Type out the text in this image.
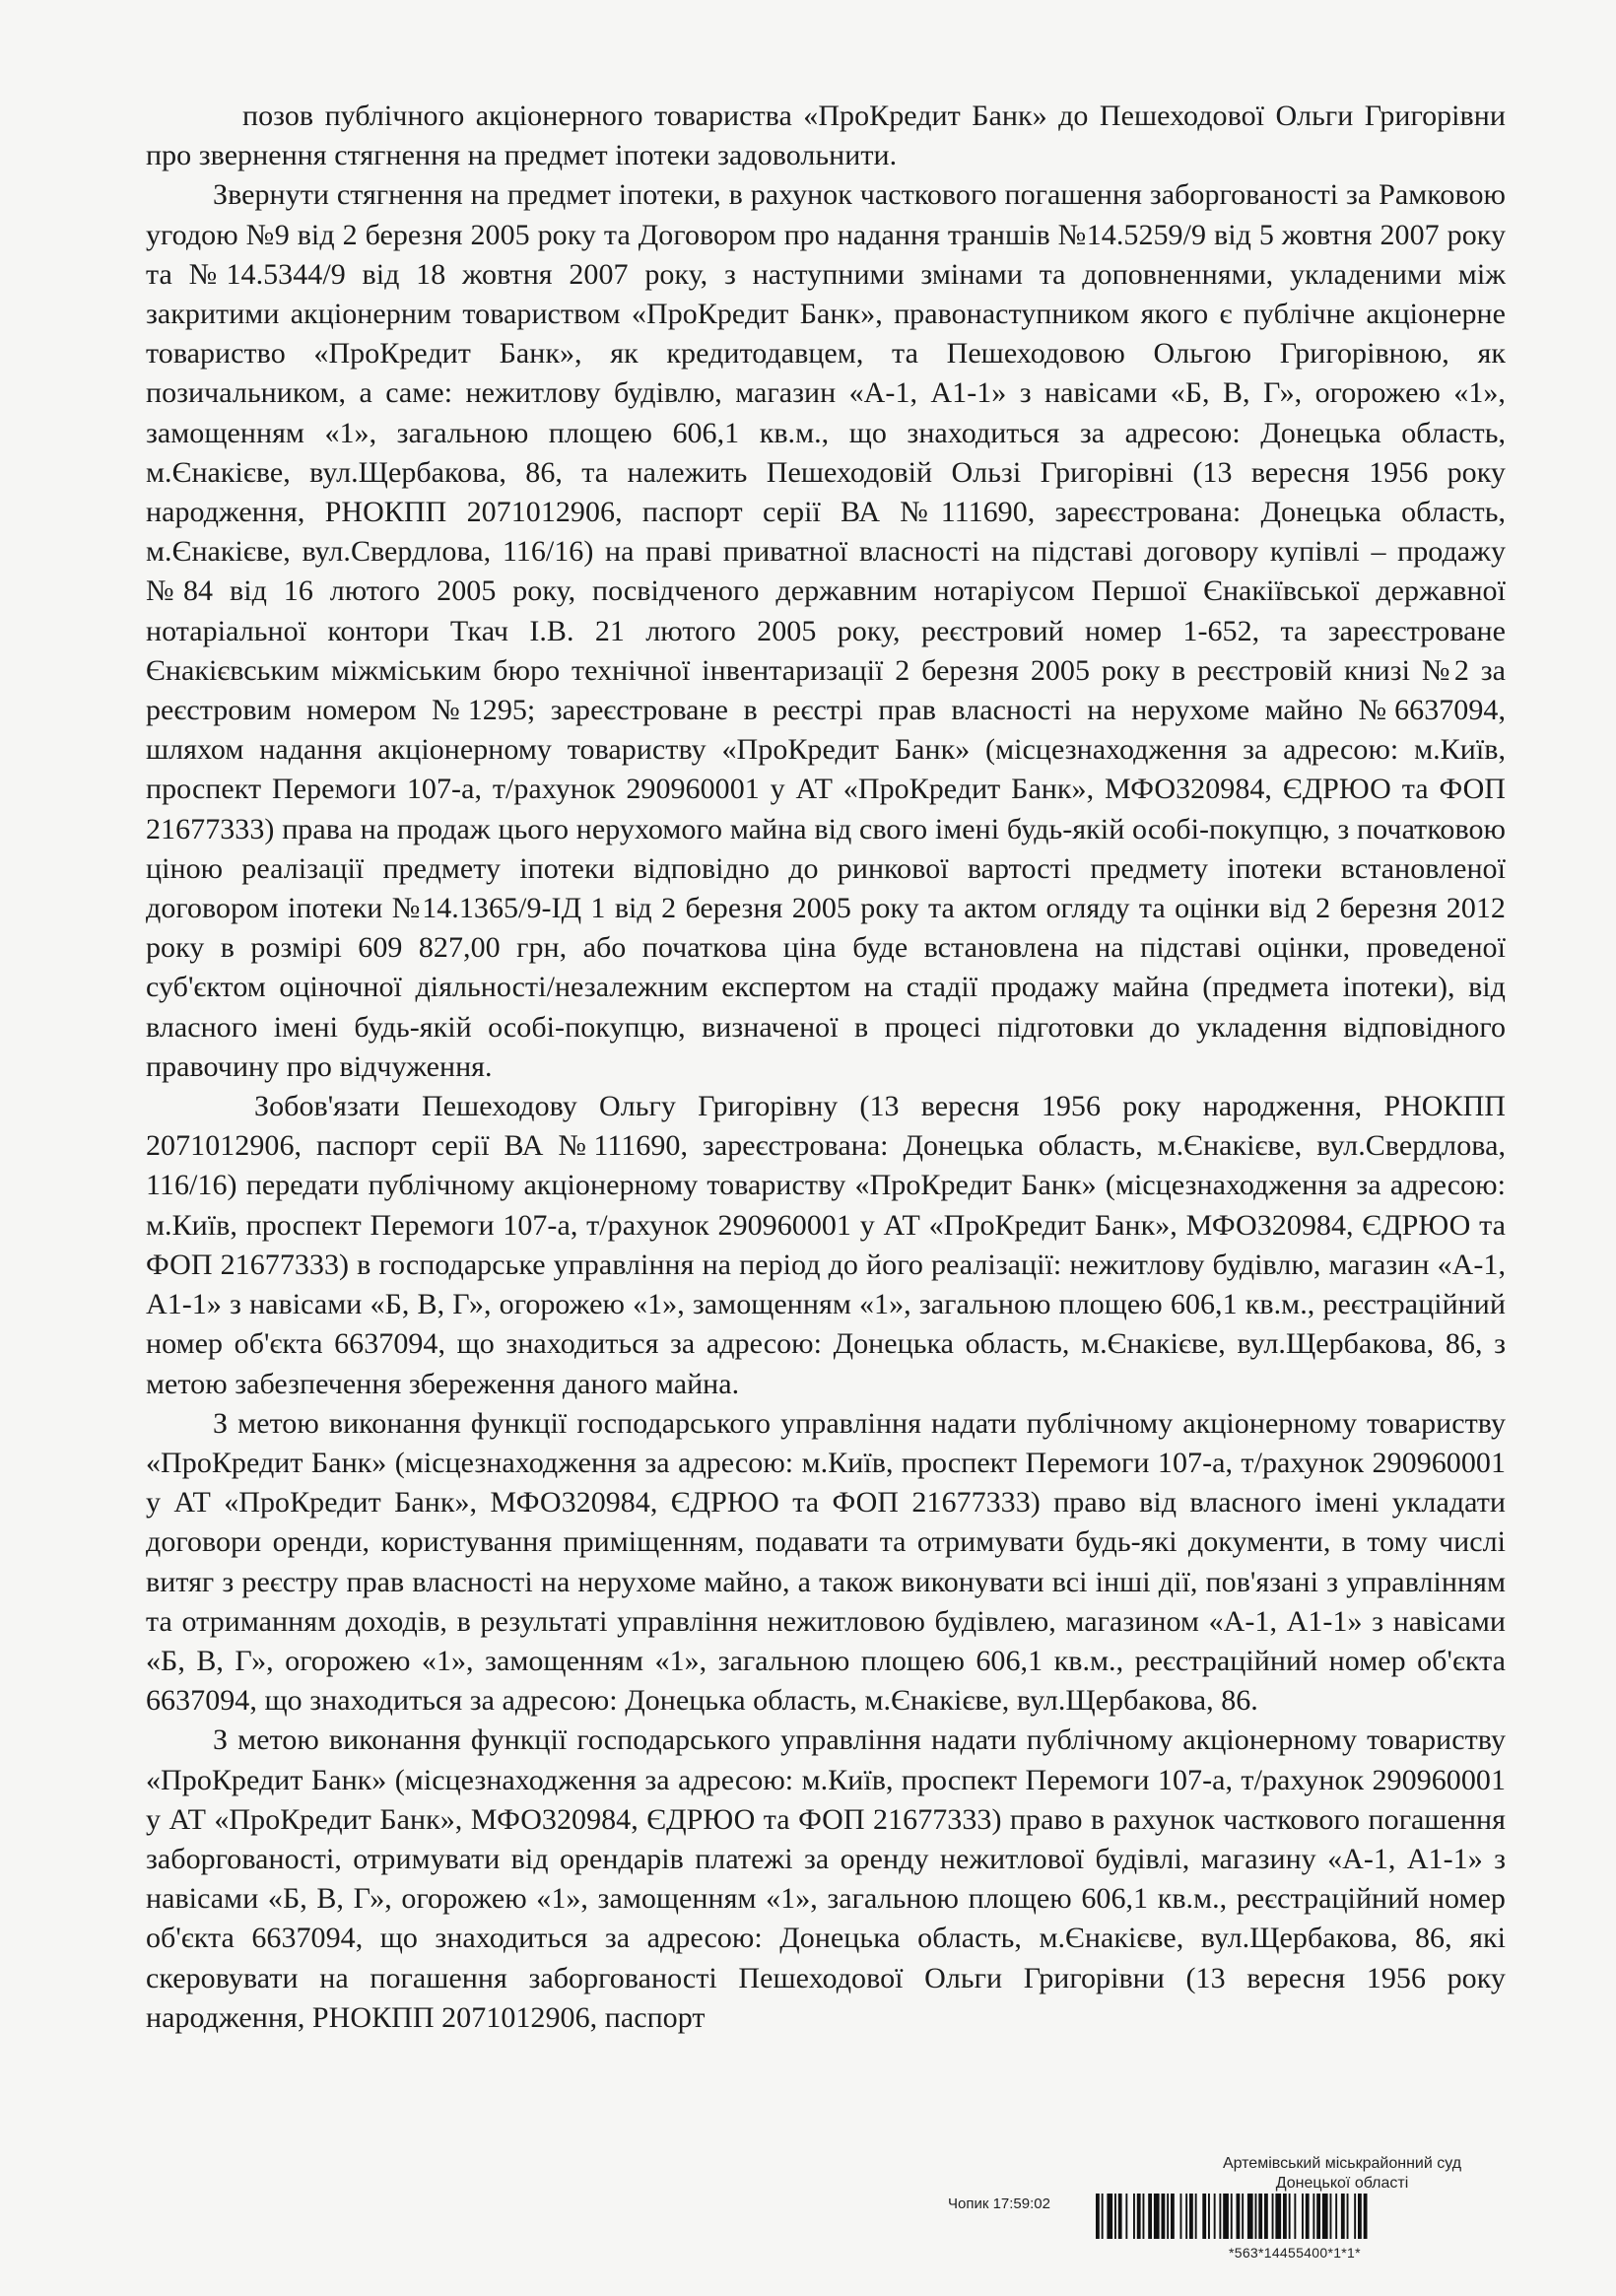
позов публічного акціонерного товариства «ПроКредит Банк» до Пешеходової Ольги Григорівни про звернення стягнення на предмет іпотеки задовольнити.

Звернути стягнення на предмет іпотеки, в рахунок часткового погашення заборгованості за Рамковою угодою №9 від 2 березня 2005 року та Договором про надання траншів №14.5259/9 від 5 жовтня 2007 року та №14.5344/9 від 18 жовтня 2007 року, з наступними змінами та доповненнями, укладеними між закритими акціонерним товариством «ПроКредит Банк», правонаступником якого є публічне акціонерне товариство «ПроКредит Банк», як кредитодавцем, та Пешеходовою Ольгою Григорівною, як позичальником, а саме: нежитлову будівлю, магазин «А-1, А1-1» з навісами «Б, В, Г», огорожею «1», замощенням «1», загальною площею 606,1 кв.м., що знаходиться за адресою: Донецька область, м.Єнакієве, вул.Щербакова, 86, та належить Пешеходовій Ользі Григорівні (13 вересня 1956 року народження, РНОКПП 2071012906, паспорт серії ВА №111690, зареєстрована: Донецька область, м.Єнакієве, вул.Свердлова, 116/16) на праві приватної власності на підставі договору купівлі – продажу №84 від 16 лютого 2005 року, посвідченого державним нотаріусом Першої Єнакіївської державної нотаріальної контори Ткач І.В. 21 лютого 2005 року, реєстровий номер 1-652, та зареєстроване Єнакієвським міжміським бюро технічної інвентаризації 2 березня 2005 року в реєстровій книзі №2 за реєстровим номером №1295; зареєстроване в реєстрі прав власності на нерухоме майно №6637094, шляхом надання акціонерному товариству «ПроКредит Банк» (місцезнаходження за адресою: м.Київ, проспект Перемоги 107-а, т/рахунок 290960001 у АТ «ПроКредит Банк», МФО320984, ЄДРЮО та ФОП 21677333) права на продаж цього нерухомого майна від свого імені будь-якій особі-покупцю, з початковою ціною реалізації предмету іпотеки відповідно до ринкової вартості предмету іпотеки встановленої договором іпотеки №14.1365/9-ІД 1 від 2 березня 2005 року та актом огляду та оцінки від 2 березня 2012 року в розмірі 609 827,00 грн, або початкова ціна буде встановлена на підставі оцінки, проведеної суб'єктом оціночної діяльності/незалежним експертом на стадії продажу майна (предмета іпотеки), від власного імені будь-якій особі-покупцю, визначеної в процесі підготовки до укладення відповідного правочину про відчуження.

Зобов'язати Пешеходову Ольгу Григорівну (13 вересня 1956 року народження, РНОКПП 2071012906, паспорт серії ВА №111690, зареєстрована: Донецька область, м.Єнакієве, вул.Свердлова, 116/16) передати публічному акціонерному товариству «ПроКредит Банк» (місцезнаходження за адресою: м.Київ, проспект Перемоги 107-а, т/рахунок 290960001 у АТ «ПроКредит Банк», МФО320984, ЄДРЮО та ФОП 21677333) в господарське управління на період до його реалізації: нежитлову будівлю, магазин «А-1, А1-1» з навісами «Б, В, Г», огорожею «1», замощенням «1», загальною площею 606,1 кв.м., реєстраційний номер об'єкта 6637094, що знаходиться за адресою: Донецька область, м.Єнакієве, вул.Щербакова, 86, з метою забезпечення збереження даного майна.

З метою виконання функції господарського управління надати публічному акціонерному товариству «ПроКредит Банк» (місцезнаходження за адресою: м.Київ, проспект Перемоги 107-а, т/рахунок 290960001 у АТ «ПроКредит Банк», МФО320984, ЄДРЮО та ФОП 21677333) право від власного імені укладати договори оренди, користування приміщенням, подавати та отримувати будь-які документи, в тому числі витяг з реєстру прав власності на нерухоме майно, а також виконувати всі інші дії, пов'язані з управлінням та отриманням доходів, в результаті управління нежитловою будівлею, магазином «А-1, А1-1» з навісами «Б, В, Г», огорожею «1», замощенням «1», загальною площею 606,1 кв.м., реєстраційний номер об'єкта 6637094, що знаходиться за адресою: Донецька область, м.Єнакієве, вул.Щербакова, 86.

З метою виконання функції господарського управління надати публічному акціонерному товариству «ПроКредит Банк» (місцезнаходження за адресою: м.Київ, проспект Перемоги 107-а, т/рахунок 290960001 у АТ «ПроКредит Банк», МФО320984, ЄДРЮО та ФОП 21677333) право в рахунок часткового погашення заборгованості, отримувати від орендарів платежі за оренду нежитлової будівлі, магазину «А-1, А1-1» з навісами «Б, В, Г», огорожею «1», замощенням «1», загальною площею 606,1 кв.м., реєстраційний номер об'єкта 6637094, що знаходиться за адресою: Донецька область, м.Єнакієве, вул.Щербакова, 86, які скеровувати на погашення заборгованості Пешеходової Ольги Григорівни (13 вересня 1956 року народження, РНОКПП 2071012906, паспорт

Артемівський міськрайонний суд
Донецької області
Чопик 17:59:02
*563*14455400*1*1*
